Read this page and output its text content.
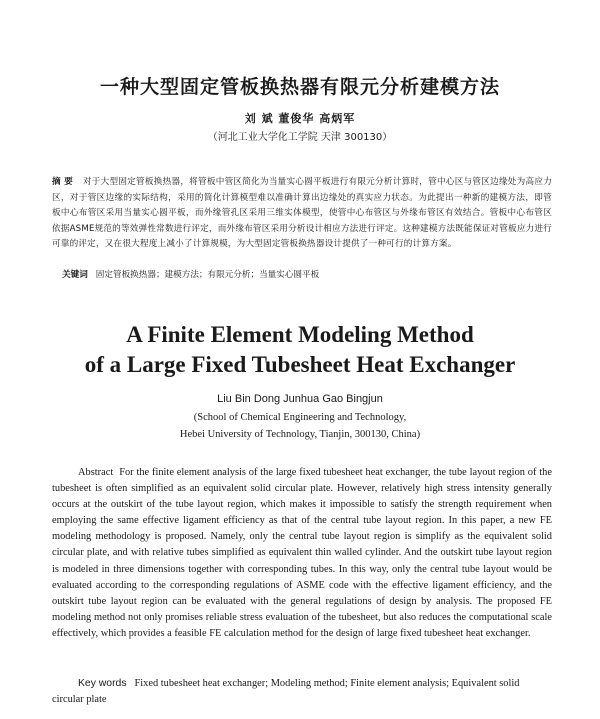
一种大型固定管板换热器有限元分析建模方法
刘 斌 董俊华 高炳军
（河北工业大学化工学院 天津 300130）
摘 要 对于大型固定管板换热器，将管板中管区简化为当量实心圆平板进行有限元分析计算时，管中心区与管区边缘处为高应力区，对于管区边缘的实际结构，采用的简化计算模型难以准确计算出边缘处的真实应力状态。为此提出一种新的建模方法，即管板中心布管区采用当量实心圆平板，而外缘管孔区采用三维实体模型，使管中心布管区与外缘布管区有效结合。管板中心布管区依据ASME规范的等效弹性常数进行评定，而外缘布管区采用分析设计相应方法进行评定。这种建模方法既能保证对管板应力进行可靠的评定，又在很大程度上减小了计算规模，为大型固定管板换热器设计提供了一种可行的计算方案。
关键词 固定管板换热器；建模方法；有限元分析；当量实心圆平板
A Finite Element Modeling Method
of a Large Fixed Tubesheet Heat Exchanger
Liu Bin Dong Junhua Gao Bingjun
(School of Chemical Engineering and Technology,
Hebei University of Technology, Tianjin, 300130, China)
Abstract For the finite element analysis of the large fixed tubesheet heat exchanger, the tube layout region of the tubesheet is often simplified as an equivalent solid circular plate. However, relatively high stress intensity generally occurs at the outskirt of the tube layout region, which makes it impossible to satisfy the strength requirement when employing the same effective ligament efficiency as that of the central tube layout region. In this paper, a new FE modeling methodology is proposed. Namely, only the central tube layout region is simplify as the equivalent solid circular plate, and with relative tubes simplified as equivalent thin walled cylinder. And the outskirt tube layout region is modeled in three dimensions together with corresponding tubes. In this way, only the central tube layout would be evaluated according to the corresponding regulations of ASME code with the effective ligament efficiency, and the outskirt tube layout region can be evaluated with the general regulations of design by analysis. The proposed FE modeling method not only promises reliable stress evaluation of the tubesheet, but also reduces the computational scale effectively, which provides a feasible FE calculation method for the design of large fixed tubesheet heat exchanger.
Key words Fixed tubesheet heat exchanger; Modeling method; Finite element analysis; Equivalent solid circular plate
